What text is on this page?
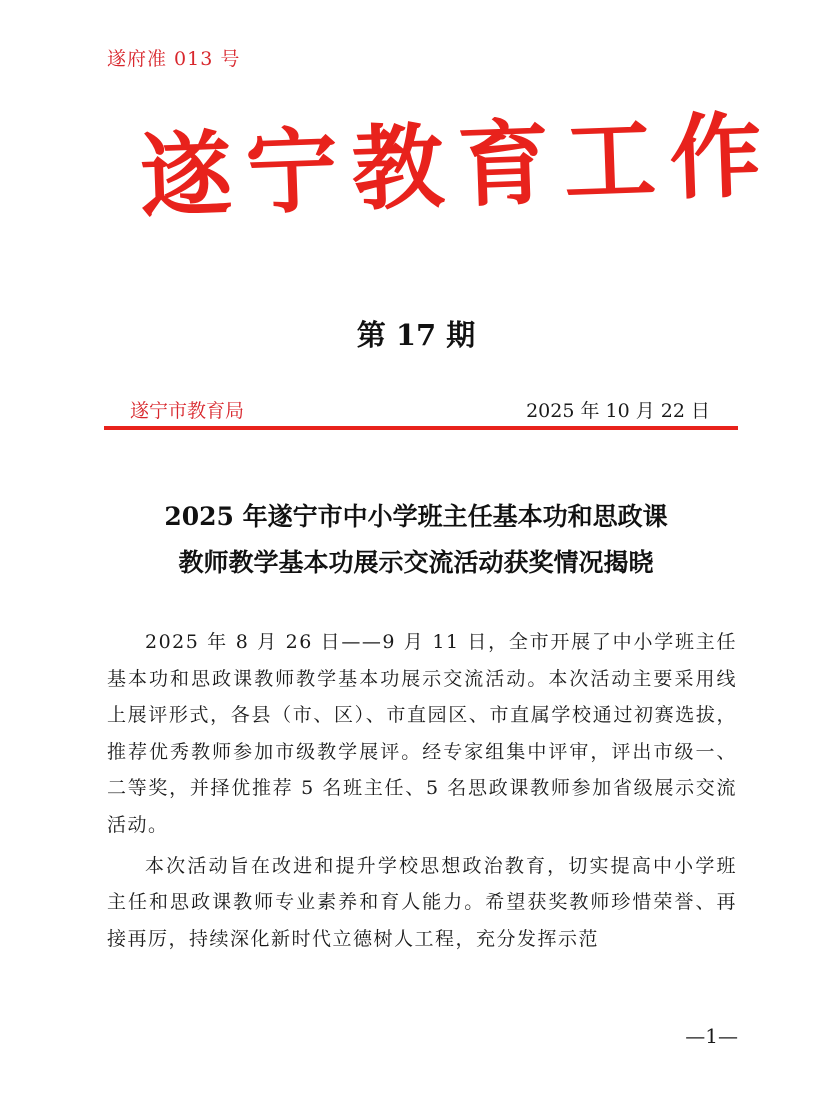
遂府准 013 号
遂宁教育工作
第 17 期
遂宁市教育局	2025 年 10 月 22 日
2025 年遂宁市中小学班主任基本功和思政课
教师教学基本功展示交流活动获奖情况揭晓

2025 年 8 月 26 日——9 月 11 日，全市开展了中小学班主任基本功和思政课教师教学基本功展示交流活动。本次活动主要采用线上展评形式，各县（市、区）、市直园区、市直属学校通过初赛选拔，推荐优秀教师参加市级教学展评。经专家组集中评审，评出市级一、二等奖，并择优推荐 5 名班主任、5 名思政课教师参加省级展示交流活动。

本次活动旨在改进和提升学校思想政治教育，切实提高中小学班主任和思政课教师专业素养和育人能力。希望获奖教师珍惜荣誉、再接再厉，持续深化新时代立德树人工程，充分发挥示范

—1—
